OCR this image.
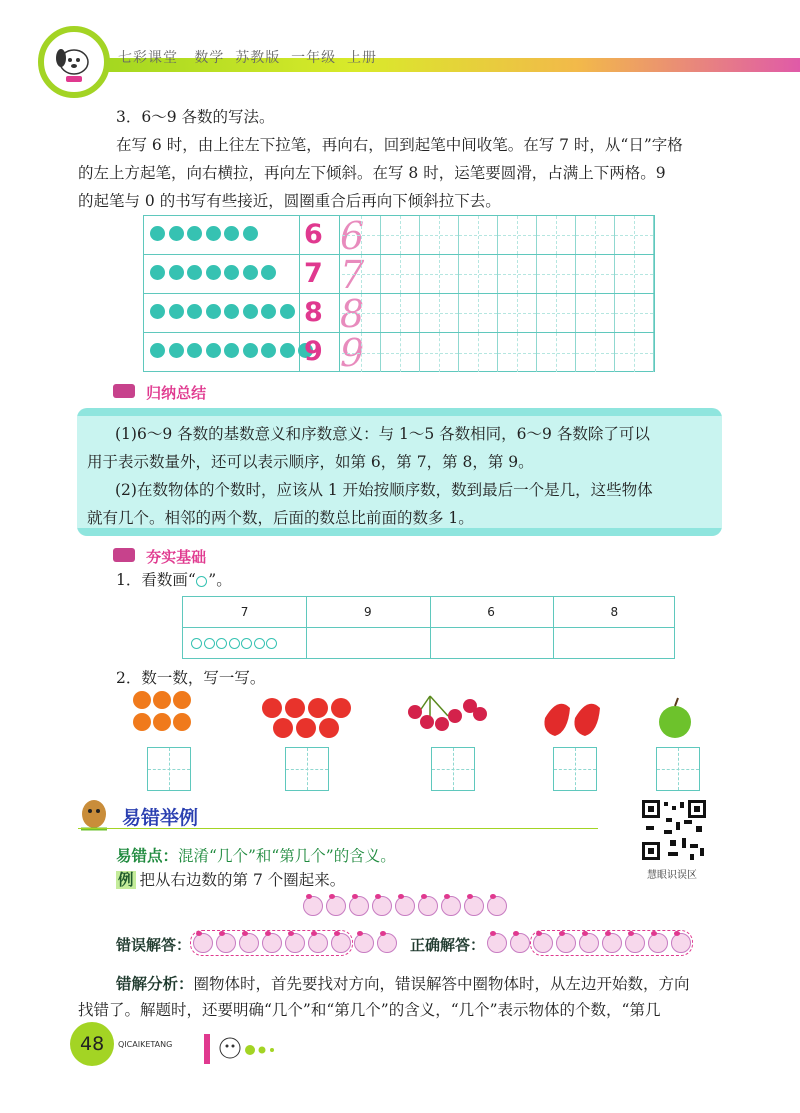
七彩课堂   数学  苏教版  一年级  上册
3．6～9 各数的写法。
在写 6 时，由上往左下拉笔，再向右，回到起笔中间收笔。在写 7 时，从“日”字格
的左上方起笔，向右横拉，再向左下倾斜。在写 8 时，运笔要圆滑，占满上下两格。9
的起笔与 0 的书写有些接近，圆圈重合后再向下倾斜拉下去。
6 6
7 7
8 8
9 9
归纳总结

(1)6～9 各数的基数意义和序数意义：与 1～5 各数相同，6～9 各数除了可以

用于表示数量外，还可以表示顺序，如第 6，第 7，第 8，第 9。

(2)在数物体的个数时，应该从 1 开始按顺序数，数到最后一个是几，这些物体

就有几个。相邻的两个数，后面的数总比前面的数多 1。

夯实基础
1．看数画“ ”。
7	9	6	8
2．数一数，写一写。
易错举例
易错点：混淆“几个”和“第几个”的含义。
例 把从右边数的第 7 个圈起来。	慧眼识误区
错误解答：	正确解答：
错解分析：圈物体时，首先要找对方向，错误解答中圈物体时，从左边开始数，方向
找错了。解题时，还要明确“几个”和“第几个”的含义，“几个”表示物体的个数，“第几
48 QICAIKETANG
